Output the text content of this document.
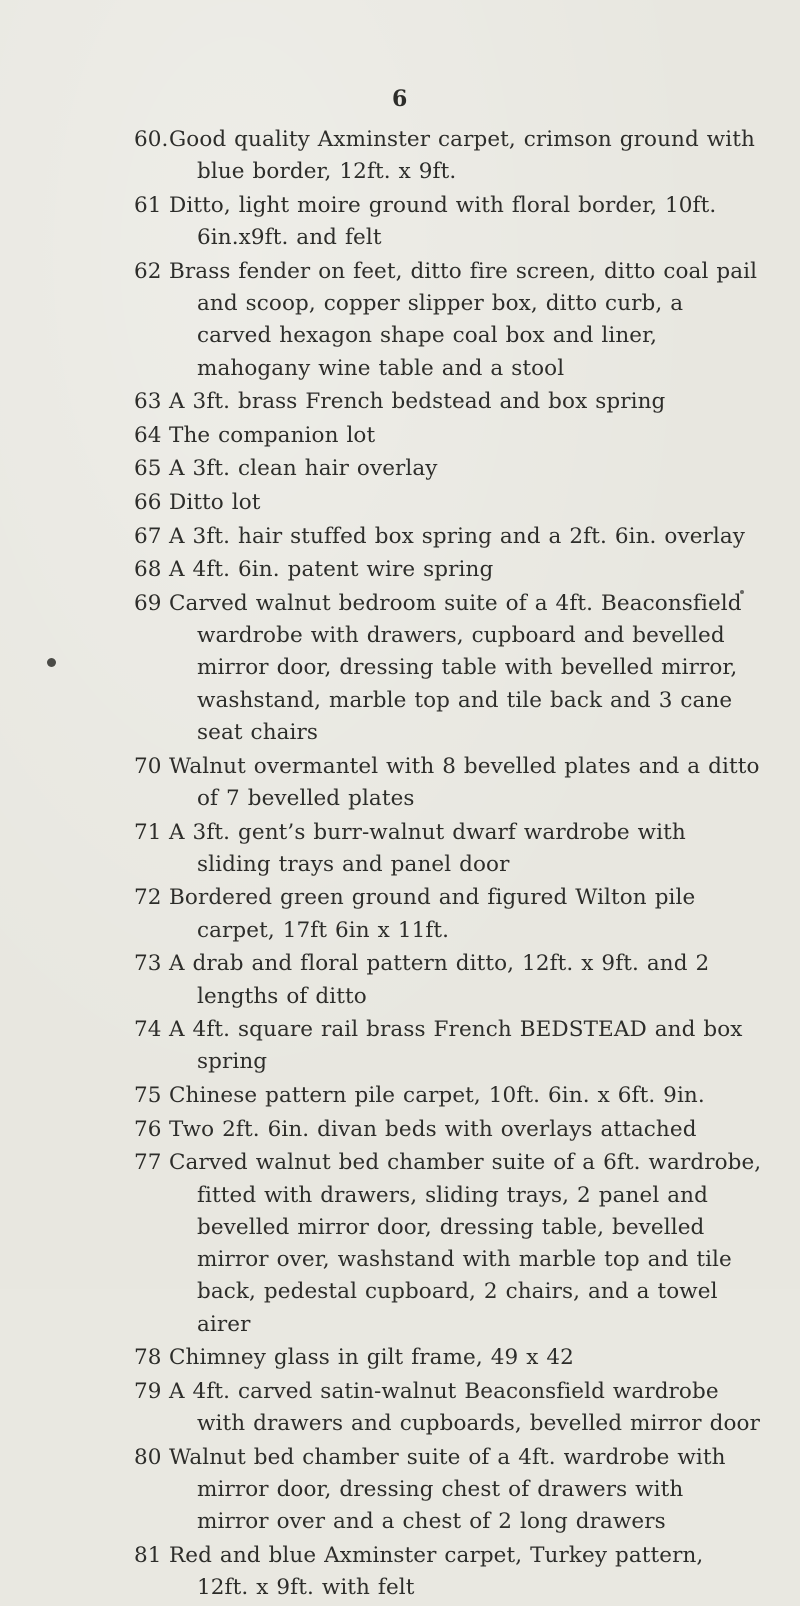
6
60. Good quality Axminster carpet, crimson ground with blue border, 12ft. x 9ft.
61 Ditto, light moire ground with floral border, 10ft. 6in.x9ft. and felt
62 Brass fender on feet, ditto fire screen, ditto coal pail and scoop, copper slipper box, ditto curb, a carved hexagon shape coal box and liner, mahogany wine table and a stool
63 A 3ft. brass French bedstead and box spring
64 The companion lot
65 A 3ft. clean hair overlay
66 Ditto lot
67 A 3ft. hair stuffed box spring and a 2ft. 6in. overlay
68 A 4ft. 6in. patent wire spring
69 Carved walnut bedroom suite of a 4ft. Beaconsfield wardrobe with drawers, cupboard and bevelled mirror door, dressing table with bevelled mirror, washstand, marble top and tile back and 3 cane seat chairs
70 Walnut overmantel with 8 bevelled plates and a ditto of 7 bevelled plates
71 A 3ft. gent’s burr-walnut dwarf wardrobe with sliding trays and panel door
72 Bordered green ground and figured Wilton pile carpet, 17ft 6in x 11ft.
73 A drab and floral pattern ditto, 12ft. x 9ft. and 2 lengths of ditto
74 A 4ft. square rail brass French BEDSTEAD and box spring
75 Chinese pattern pile carpet, 10ft. 6in. x 6ft. 9in.
76 Two 2ft. 6in. divan beds with overlays attached
77 Carved walnut bed chamber suite of a 6ft. wardrobe, fitted with drawers, sliding trays, 2 panel and bevelled mirror door, dressing table, bevelled mirror over, washstand with marble top and tile back, pedestal cupboard, 2 chairs, and a towel airer
78 Chimney glass in gilt frame, 49 x 42
79 A 4ft. carved satin-walnut Beaconsfield wardrobe with drawers and cupboards, bevelled mirror door
80 Walnut bed chamber suite of a 4ft. wardrobe with mirror door, dressing chest of drawers with mirror over and a chest of 2 long drawers
81 Red and blue Axminster carpet, Turkey pattern, 12ft. x 9ft. with felt
